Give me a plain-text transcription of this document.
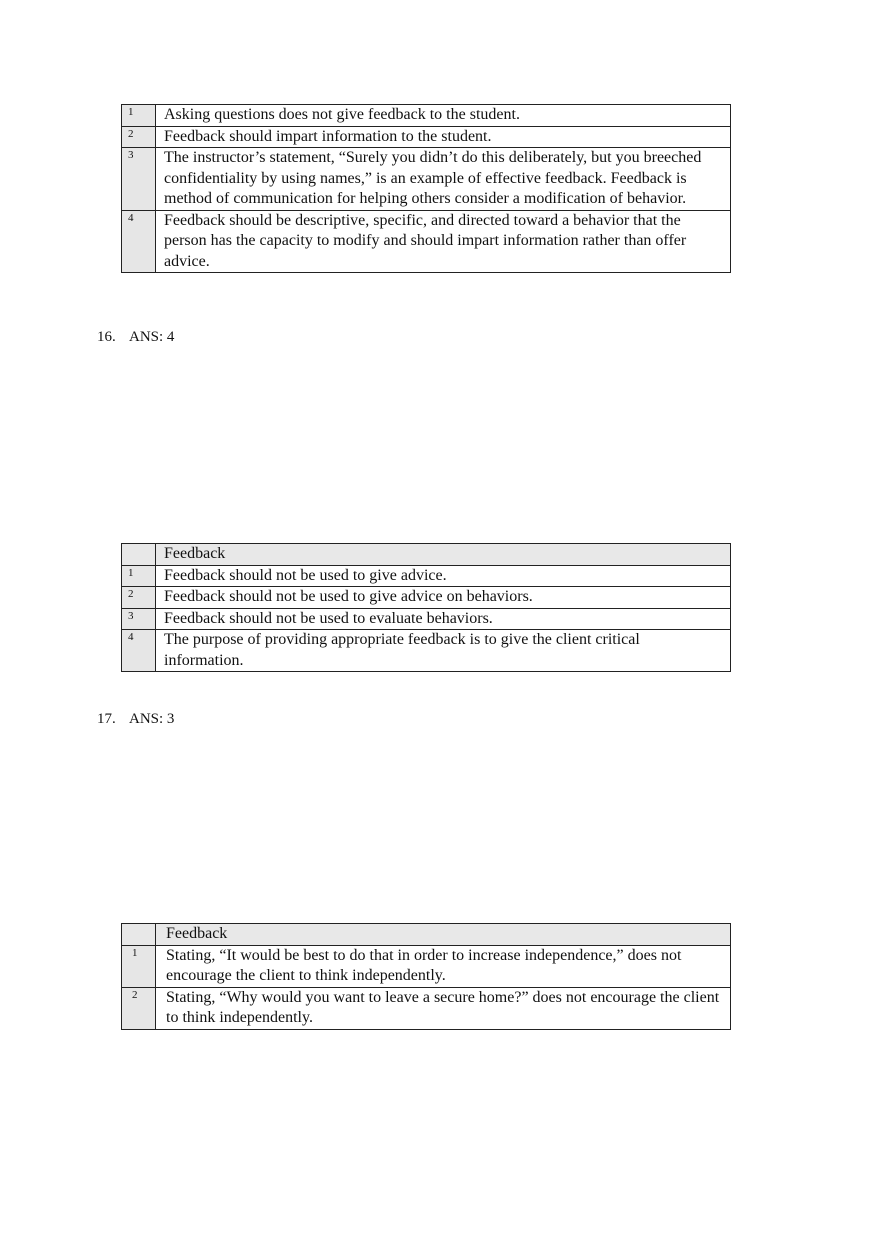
1	Asking questions does not give feedback to the student.
2	Feedback should impart information to the student.
3	The instructor’s statement, “Surely you didn’t do this deliberately, but you breeched confidentiality by using names,” is an example of effective feedback. Feedback is method of communication for helping others consider a modification of behavior.
4	Feedback should be descriptive, specific, and directed toward a behavior that the person has the capacity to modify and should impart information rather than offer advice.
16. ANS: 4
	Feedback
1	Feedback should not be used to give advice.
2	Feedback should not be used to give advice on behaviors.
3	Feedback should not be used to evaluate behaviors.
4	The purpose of providing appropriate feedback is to give the client critical information.
17. ANS: 3
	Feedback
1	Stating, “It would be best to do that in order to increase independence,” does not encourage the client to think independently.
2	Stating, “Why would you want to leave a secure home?” does not encourage the client to think independently.
